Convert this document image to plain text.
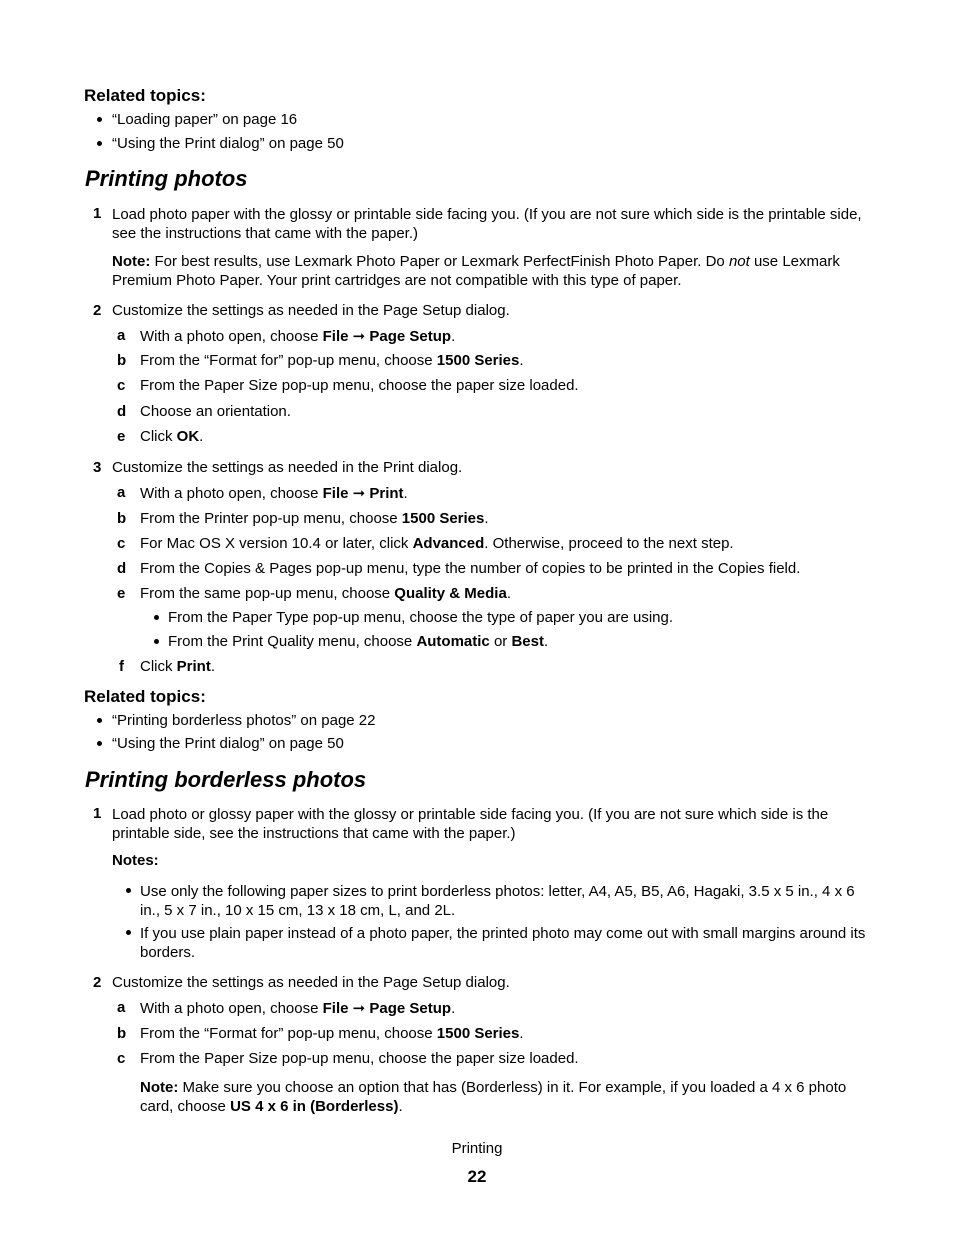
Related topics:
“Loading paper” on page 16
“Using the Print dialog” on page 50
Printing photos
1 Load photo paper with the glossy or printable side facing you. (If you are not sure which side is the printable side, see the instructions that came with the paper.)
Note: For best results, use Lexmark Photo Paper or Lexmark PerfectFinish Photo Paper. Do not use Lexmark Premium Photo Paper. Your print cartridges are not compatible with this type of paper.
2 Customize the settings as needed in the Page Setup dialog.
a With a photo open, choose File ➞ Page Setup.
b From the “Format for” pop-up menu, choose 1500 Series.
c From the Paper Size pop-up menu, choose the paper size loaded.
d Choose an orientation.
e Click OK.
3 Customize the settings as needed in the Print dialog.
a With a photo open, choose File ➞ Print.
b From the Printer pop-up menu, choose 1500 Series.
c For Mac OS X version 10.4 or later, click Advanced. Otherwise, proceed to the next step.
d From the Copies & Pages pop-up menu, type the number of copies to be printed in the Copies field.
e From the same pop-up menu, choose Quality & Media.
From the Paper Type pop-up menu, choose the type of paper you are using.
From the Print Quality menu, choose Automatic or Best.
f Click Print.
Related topics:
“Printing borderless photos” on page 22
“Using the Print dialog” on page 50
Printing borderless photos
1 Load photo or glossy paper with the glossy or printable side facing you. (If you are not sure which side is the printable side, see the instructions that came with the paper.)
Notes:
Use only the following paper sizes to print borderless photos: letter, A4, A5, B5, A6, Hagaki, 3.5 x 5 in., 4 x 6 in., 5 x 7 in., 10 x 15 cm, 13 x 18 cm, L, and 2L.
If you use plain paper instead of a photo paper, the printed photo may come out with small margins around its borders.
2 Customize the settings as needed in the Page Setup dialog.
a With a photo open, choose File ➞ Page Setup.
b From the “Format for” pop-up menu, choose 1500 Series.
c From the Paper Size pop-up menu, choose the paper size loaded.
Note: Make sure you choose an option that has (Borderless) in it. For example, if you loaded a 4 x 6 photo card, choose US 4 x 6 in (Borderless).
Printing
22
